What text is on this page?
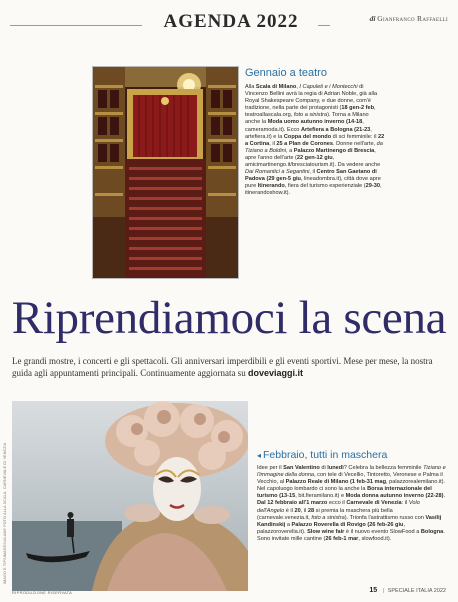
AGENDA 2022	di Gianfranco Raffaelli
Gennaio a teatro
Alla Scala di Milano, I Capuleti e i Montecchi di Vincenzo Bellini avrà la regia di Adrian Noble, già alla Royal Shakespeare Company, e due donne, com'è tradizione, nella parte dei protagonisti (18 gen-2 feb, teatroallascala.org, foto a sinistra). Torna a Milano anche la Moda uomo autunno inverno (14-18, cameramoda.it). Ecco Artefiera a Bologna (21-23, artefiera.it) e la Coppa del mondo di sci femminile: il 22 a Cortina, il 25 a Plan de Corones. Donne nell'arte, da Tiziano a Boldini, a Palazzo Martinengo di Brescia, apre l'anno dell'arte (22 gen-12 giu, amicimartinengo.it/bresciatourism.it). Da vedere anche Dai Romantici a Segantini, il Centro San Gaetano di Padova (29 gen-5 giu, lineadombra.it), città dove apre pure Itinerando, fiera del turismo esperienziale (29-30, itinerandoshow.it).
Riprendiamoci la scena

Le grandi mostre, i concerti e gli spettacoli. Gli anniversari imperdibili e gli eventi sportivi. Mese per mese, la nostra guida agli appuntamenti principali. Continuamente aggiornata su doveviaggi.it

IMAGO E TIPSIMAGES/ALAMY FOTO ALLA SCALA, CARNEVALE DI VENEZIA	◂ Febbraio, tutti in maschera
Idee per il San Valentino di lunedì? Celebra la bellezza femminile Tiziano e l'immagine della donna, con tele di Vecellio, Tintoretto, Veronese e Palma il Vecchio, al Palazzo Reale di Milano (1 feb-31 mag, palazzorealemilano.it). Nel capoluogo lombardo ci sono la anche la Borsa internazionale del turismo (13-15, bit.fieramilano.it) e Moda donna autunno inverno (22-28). Dal 12 febbraio all'1 marzo ecco il Carnevale di Venezia: il Volo dell'Angelo è il 20, il 28 si premia la maschera più bella (carnevale.venezia.it, foto a sinistra). Trionfa l'astrattismo russo con Vasilij Kandinskij a Palazzo Roverella di Rovigo (26 feb-26 giu, palazzoroverella.it). Slow wine fair è il nuovo evento SlowFood a Bologna. Sono invitate mille cantine (26 feb-1 mar, slowfood.it).
RIPRODUZIONE RISERVATA	15 | SPECIALE ITALIA 2022
